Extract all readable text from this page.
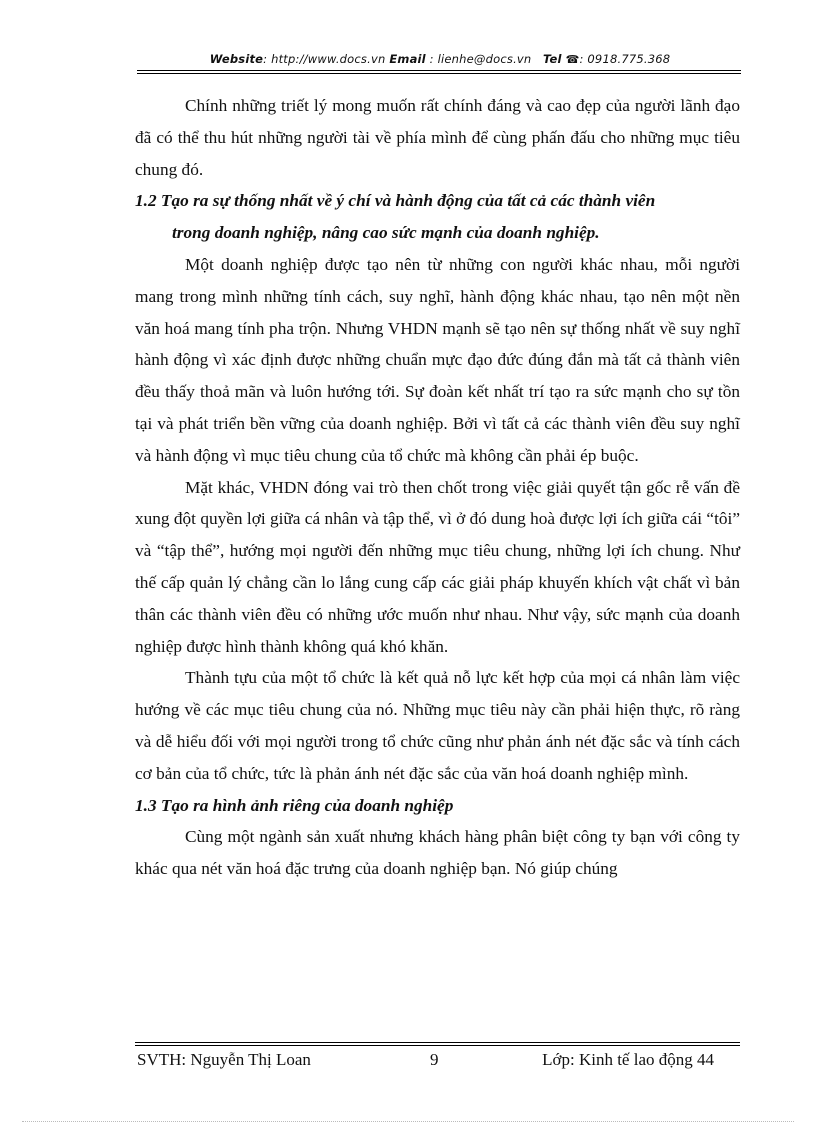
Website: http://www.docs.vn Email : lienhe@docs.vn Tel ☎: 0918.775.368

Chính những triết lý mong muốn rất chính đáng và cao đẹp của người lãnh đạo đã có thể thu hút những người tài về phía mình để cùng phấn đấu cho những mục tiêu chung đó.

1.2 Tạo ra sự thống nhất về ý chí và hành động của tất cả các thành viên
trong doanh nghiệp, nâng cao sức mạnh của doanh nghiệp.

Một doanh nghiệp được tạo nên từ những con người khác nhau, mỗi người mang trong mình những tính cách, suy nghĩ, hành động khác nhau, tạo nên một nền văn hoá mang tính pha trộn. Nhưng VHDN mạnh sẽ tạo nên sự thống nhất về suy nghĩ hành động vì xác định được những chuẩn mực đạo đức đúng đắn mà tất cả thành viên đều thấy thoả mãn và luôn hướng tới. Sự đoàn kết nhất trí tạo ra sức mạnh cho sự tồn tại và phát triển bền vững của doanh nghiệp. Bởi vì tất cả các thành viên đều suy nghĩ và hành động vì mục tiêu chung của tổ chức mà không cần phải ép buộc.

Mặt khác, VHDN đóng vai trò then chốt trong việc giải quyết tận gốc rễ vấn đề xung đột quyền lợi giữa cá nhân và tập thể, vì ở đó dung hoà được lợi ích giữa cái “tôi” và “tập thể”, hướng mọi người đến những mục tiêu chung, những lợi ích chung. Như thế cấp quản lý chẳng cần lo lắng cung cấp các giải pháp khuyến khích vật chất vì bản thân các thành viên đều có những ước muốn như nhau. Như vậy, sức mạnh của doanh nghiệp được hình thành không quá khó khăn.

Thành tựu của một tổ chức là kết quả nỗ lực kết hợp của mọi cá nhân làm việc hướng về các mục tiêu chung của nó. Những mục tiêu này cần phải hiện thực, rõ ràng và dễ hiểu đối với mọi người trong tổ chức cũng như phản ánh nét đặc sắc và tính cách cơ bản của tổ chức, tức là phản ánh nét đặc sắc của văn hoá doanh nghiệp mình.

1.3 Tạo ra hình ảnh riêng của doanh nghiệp

Cùng một ngành sản xuất nhưng khách hàng phân biệt công ty bạn với công ty khác qua nét văn hoá đặc trưng của doanh nghiệp bạn. Nó giúp chúng

SVTH: Nguyễn Thị Loan	9	Lớp: Kinh tế lao động 44
